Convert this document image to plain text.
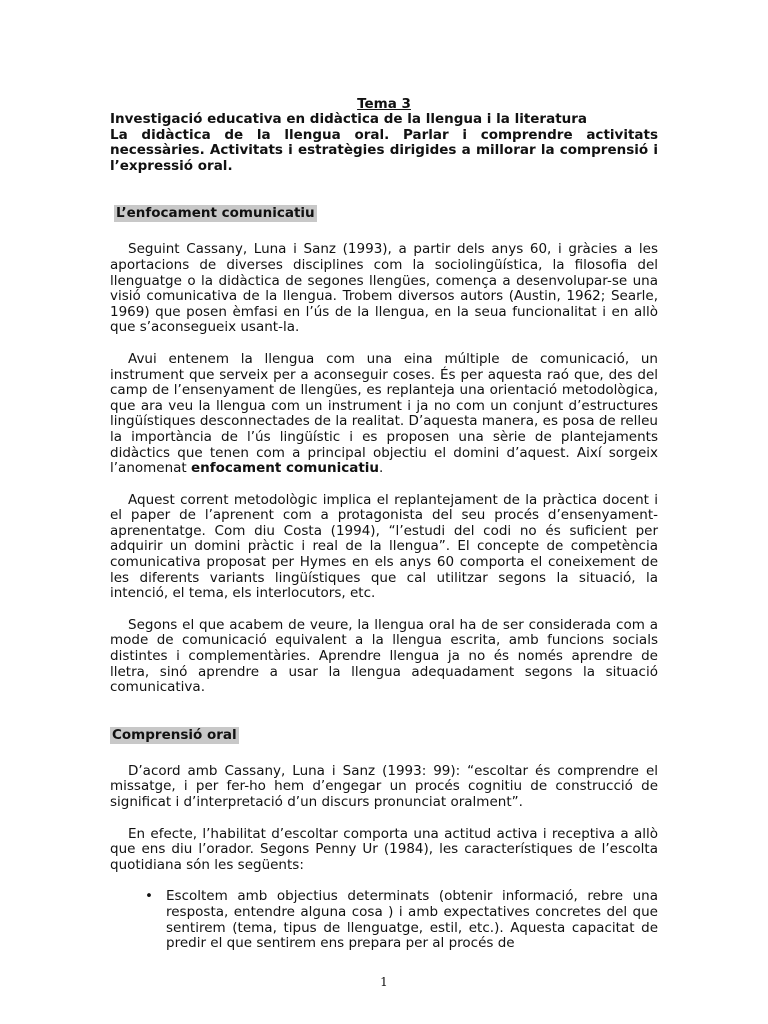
Tema 3

Investigació educativa en didàctica de la llengua i la literatura

La didàctica de la llengua oral. Parlar i comprendre activitats necessàries. Activitats i estratègies dirigides a millorar la comprensió i l’expressió oral.

L’enfocament comunicatiu

Seguint Cassany, Luna i Sanz (1993), a partir dels anys 60, i gràcies a les aportacions de diverses disciplines com la sociolingüística, la filosofia del llenguatge o la didàctica de segones llengües, comença a desenvolupar-se una visió comunicativa de la llengua. Trobem diversos autors (Austin, 1962; Searle, 1969) que posen èmfasi en l’ús de la llengua, en la seua funcionalitat i en allò que s’aconsegueix usant-la.

Avui entenem la llengua com una eina múltiple de comunicació, un instrument que serveix per a aconseguir coses. És per aquesta raó que, des del camp de l’ensenyament de llengües, es replanteja una orientació metodològica, que ara veu la llengua com un instrument i ja no com un conjunt d’estructures lingüístiques desconnectades de la realitat. D’aquesta manera, es posa de relleu la importància de l’ús lingüístic i es proposen una sèrie de plantejaments didàctics que tenen com a principal objectiu el domini d’aquest. Així sorgeix l’anomenat enfocament comunicatiu.

Aquest corrent metodològic implica el replantejament de la pràctica docent i el paper de l’aprenent com a protagonista del seu procés d’ensenyament-aprenentatge. Com diu Costa (1994), “l’estudi del codi no és suficient per adquirir un domini pràctic i real de la llengua”. El concepte de competència comunicativa proposat per Hymes en els anys 60 comporta el coneixement de les diferents variants lingüístiques que cal utilitzar segons la situació, la intenció, el tema, els interlocutors, etc.

Segons el que acabem de veure, la llengua oral ha de ser considerada com a mode de comunicació equivalent a la llengua escrita, amb funcions socials distintes i complementàries. Aprendre llengua ja no és només aprendre de lletra, sinó aprendre a usar la llengua adequadament segons la situació comunicativa.

Comprensió oral

D’acord amb Cassany, Luna i Sanz (1993: 99): “escoltar és comprendre el missatge, i per fer-ho hem d’engegar un procés cognitiu de construcció de significat i d’interpretació d’un discurs pronunciat oralment”.

En efecte, l’habilitat d’escoltar comporta una actitud activa i receptiva a allò que ens diu l’orador. Segons Penny Ur (1984), les característiques de l’escolta quotidiana són les següents:

• Escoltem amb objectius determinats (obtenir informació, rebre una resposta, entendre alguna cosa ) i amb expectatives concretes del que sentirem (tema, tipus de llenguatge, estil, etc.). Aquesta capacitat de predir el que sentirem ens prepara per al procés de
1
